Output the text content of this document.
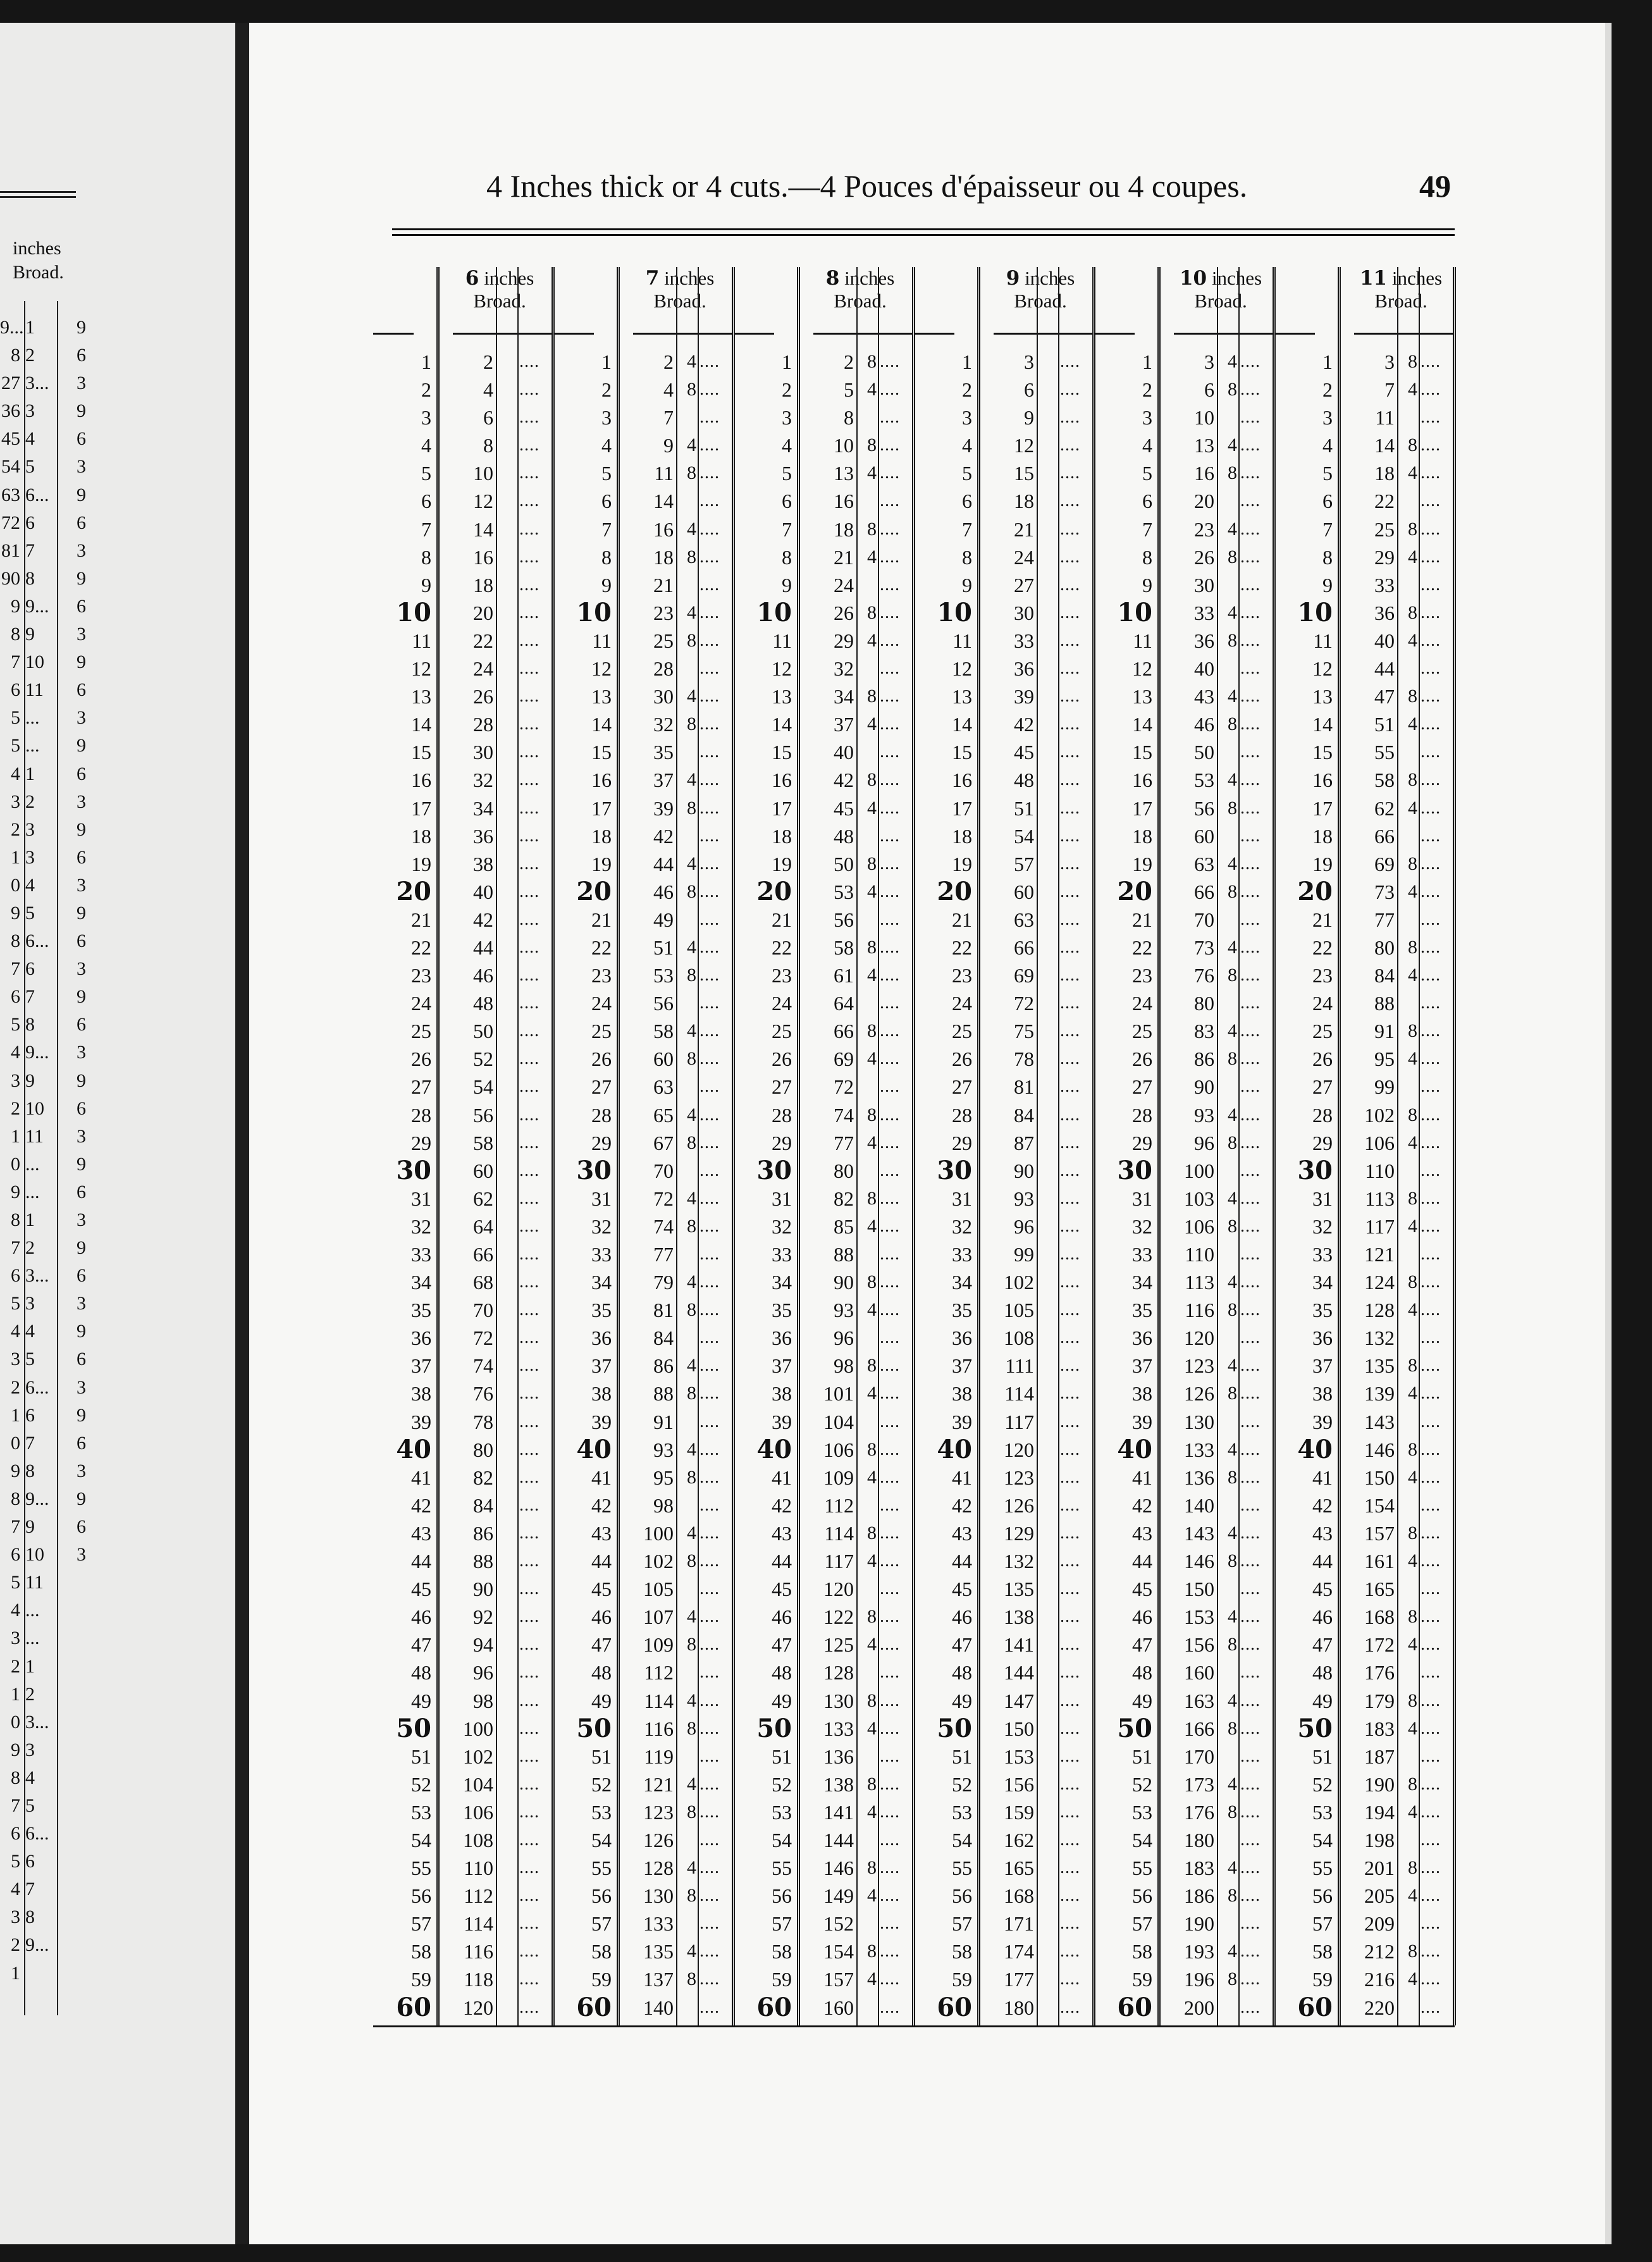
inches
Broad.
9...
8
27
36
45
54
63
72
81
90
9
8
7
6
5
5
4
3
2
1
0
9
8
7
6
5
4
3
2
1
0
9
8
7
6
5
4
3
2
1
0
9
8
7
6
5
4
3
2
1
0
9
8
7
6
5
4
3
2
1
1
2
3...
3
4
5
6...
6
7
8
9...
9
10
11
...
...
1
2
3
3
4
5
6...
6
7
8
9...
9
10
11
...
...
1
2
3...
3
4
5
6...
6
7
8
9...
9
10
11
...
...
1
2
3...
3
4
5
6...
6
7
8
9...
9
6
3
9
6
3
9
6
3
9
6
3
9
6
3
9
6
3
9
6
3
9
6
3
9
6
3
9
6
3
9
6
3
9
6
3
9
6
3
9
6
3
9
6
3
4 Inches thick or 4 cuts.—4 Pouces d'épaisseur ou 4 coupes.	49
6 inches
Broad.
1
2
3
4
5
6
7
8
9
10
11
12
13
14
15
16
17
18
19
20
21
22
23
24
25
26
27
28
29
30
31
32
33
34
35
36
37
38
39
40
41
42
43
44
45
46
47
48
49
50
51
52
53
54
55
56
57
58
59
60
2
4
6
8
10
12
14
16
18
20
22
24
26
28
30
32
34
36
38
40
42
44
46
48
50
52
54
56
58
60
62
64
66
68
70
72
74
76
78
80
82
84
86
88
90
92
94
96
98
100
102
104
106
108
110
112
114
116
118
120
....
....
....
....
....
....
....
....
....
....
....
....
....
....
....
....
....
....
....
....
....
....
....
....
....
....
....
....
....
....
....
....
....
....
....
....
....
....
....
....
....
....
....
....
....
....
....
....
....
....
....
....
....
....
....
....
....
....
....
....
7 inches
Broad.
1
2
3
4
5
6
7
8
9
10
11
12
13
14
15
16
17
18
19
20
21
22
23
24
25
26
27
28
29
30
31
32
33
34
35
36
37
38
39
40
41
42
43
44
45
46
47
48
49
50
51
52
53
54
55
56
57
58
59
60
2
4
7
9
11
14
16
18
21
23
25
28
30
32
35
37
39
42
44
46
49
51
53
56
58
60
63
65
67
70
72
74
77
79
81
84
86
88
91
93
95
98
100
102
105
107
109
112
114
116
119
121
123
126
128
130
133
135
137
140
4
8
4
8
4
8
4
8
4
8
4
8
4
8
4
8
4
8
4
8
4
8
4
8
4
8
4
8
4
8
4
8
4
8
4
8
4
8
4
8
....
....
....
....
....
....
....
....
....
....
....
....
....
....
....
....
....
....
....
....
....
....
....
....
....
....
....
....
....
....
....
....
....
....
....
....
....
....
....
....
....
....
....
....
....
....
....
....
....
....
....
....
....
....
....
....
....
....
....
....
8 inches
Broad.
1
2
3
4
5
6
7
8
9
10
11
12
13
14
15
16
17
18
19
20
21
22
23
24
25
26
27
28
29
30
31
32
33
34
35
36
37
38
39
40
41
42
43
44
45
46
47
48
49
50
51
52
53
54
55
56
57
58
59
60
2
5
8
10
13
16
18
21
24
26
29
32
34
37
40
42
45
48
50
53
56
58
61
64
66
69
72
74
77
80
82
85
88
90
93
96
98
101
104
106
109
112
114
117
120
122
125
128
130
133
136
138
141
144
146
149
152
154
157
160
8
4
8
4
8
4
8
4
8
4
8
4
8
4
8
4
8
4
8
4
8
4
8
4
8
4
8
4
8
4
8
4
8
4
8
4
8
4
8
4
....
....
....
....
....
....
....
....
....
....
....
....
....
....
....
....
....
....
....
....
....
....
....
....
....
....
....
....
....
....
....
....
....
....
....
....
....
....
....
....
....
....
....
....
....
....
....
....
....
....
....
....
....
....
....
....
....
....
....
....
9 inches
Broad.
1
2
3
4
5
6
7
8
9
10
11
12
13
14
15
16
17
18
19
20
21
22
23
24
25
26
27
28
29
30
31
32
33
34
35
36
37
38
39
40
41
42
43
44
45
46
47
48
49
50
51
52
53
54
55
56
57
58
59
60
3
6
9
12
15
18
21
24
27
30
33
36
39
42
45
48
51
54
57
60
63
66
69
72
75
78
81
84
87
90
93
96
99
102
105
108
111
114
117
120
123
126
129
132
135
138
141
144
147
150
153
156
159
162
165
168
171
174
177
180
....
....
....
....
....
....
....
....
....
....
....
....
....
....
....
....
....
....
....
....
....
....
....
....
....
....
....
....
....
....
....
....
....
....
....
....
....
....
....
....
....
....
....
....
....
....
....
....
....
....
....
....
....
....
....
....
....
....
....
....
10 inches
Broad.
1
2
3
4
5
6
7
8
9
10
11
12
13
14
15
16
17
18
19
20
21
22
23
24
25
26
27
28
29
30
31
32
33
34
35
36
37
38
39
40
41
42
43
44
45
46
47
48
49
50
51
52
53
54
55
56
57
58
59
60
3
6
10
13
16
20
23
26
30
33
36
40
43
46
50
53
56
60
63
66
70
73
76
80
83
86
90
93
96
100
103
106
110
113
116
120
123
126
130
133
136
140
143
146
150
153
156
160
163
166
170
173
176
180
183
186
190
193
196
200
4
8
4
8
4
8
4
8
4
8
4
8
4
8
4
8
4
8
4
8
4
8
4
8
4
8
4
8
4
8
4
8
4
8
4
8
4
8
4
8
....
....
....
....
....
....
....
....
....
....
....
....
....
....
....
....
....
....
....
....
....
....
....
....
....
....
....
....
....
....
....
....
....
....
....
....
....
....
....
....
....
....
....
....
....
....
....
....
....
....
....
....
....
....
....
....
....
....
....
....
11 inches
Broad.
1
2
3
4
5
6
7
8
9
10
11
12
13
14
15
16
17
18
19
20
21
22
23
24
25
26
27
28
29
30
31
32
33
34
35
36
37
38
39
40
41
42
43
44
45
46
47
48
49
50
51
52
53
54
55
56
57
58
59
60
3
7
11
14
18
22
25
29
33
36
40
44
47
51
55
58
62
66
69
73
77
80
84
88
91
95
99
102
106
110
113
117
121
124
128
132
135
139
143
146
150
154
157
161
165
168
172
176
179
183
187
190
194
198
201
205
209
212
216
220
8
4
8
4
8
4
8
4
8
4
8
4
8
4
8
4
8
4
8
4
8
4
8
4
8
4
8
4
8
4
8
4
8
4
8
4
8
4
8
4
....
....
....
....
....
....
....
....
....
....
....
....
....
....
....
....
....
....
....
....
....
....
....
....
....
....
....
....
....
....
....
....
....
....
....
....
....
....
....
....
....
....
....
....
....
....
....
....
....
....
....
....
....
....
....
....
....
....
....
....
